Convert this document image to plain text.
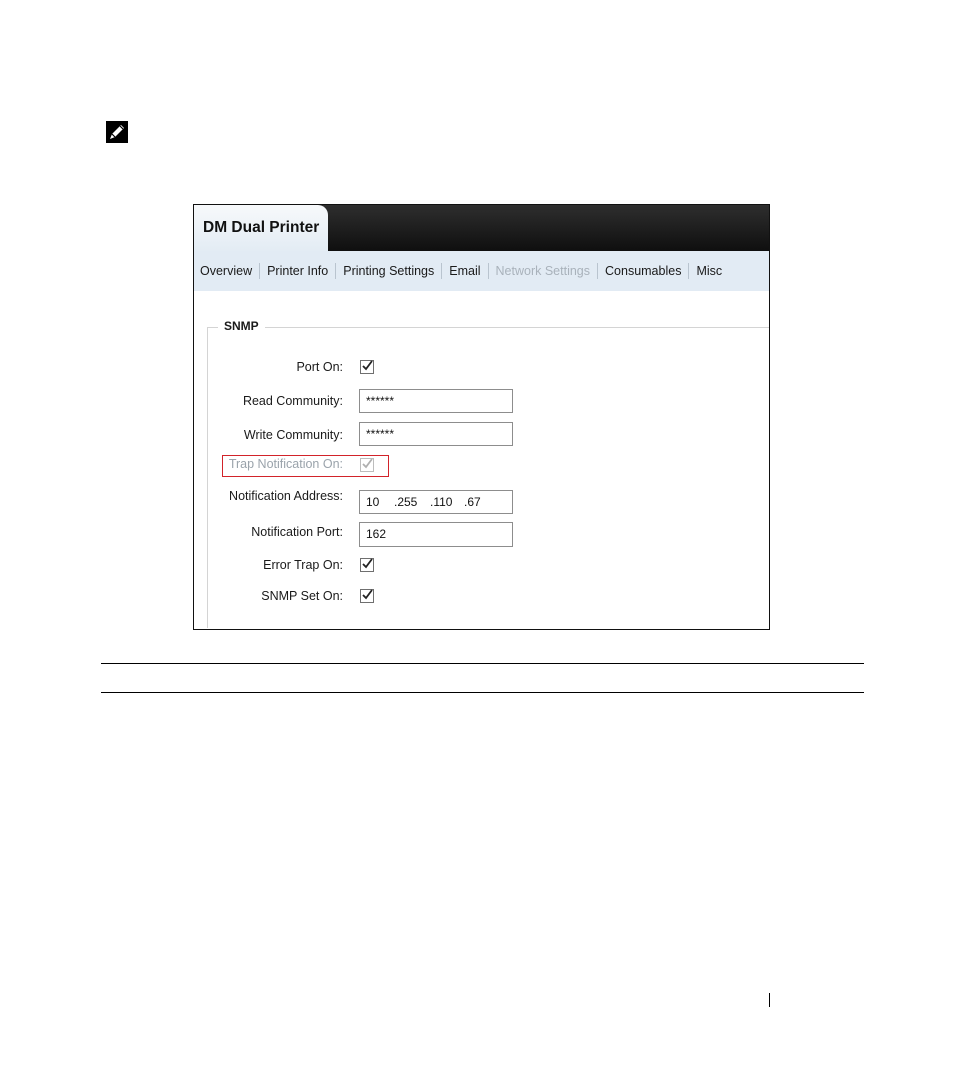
DM Dual Printer
Overview	Printer Info	Printing Settings	Email	Network Settings	Consumables	Misc
SNMP
Port On:
Read Community:	******
Write Community:	******
Trap Notification On:
Notification Address:	10 .255 .110 .67
Notification Port:	162
Error Trap On:
SNMP Set On:
